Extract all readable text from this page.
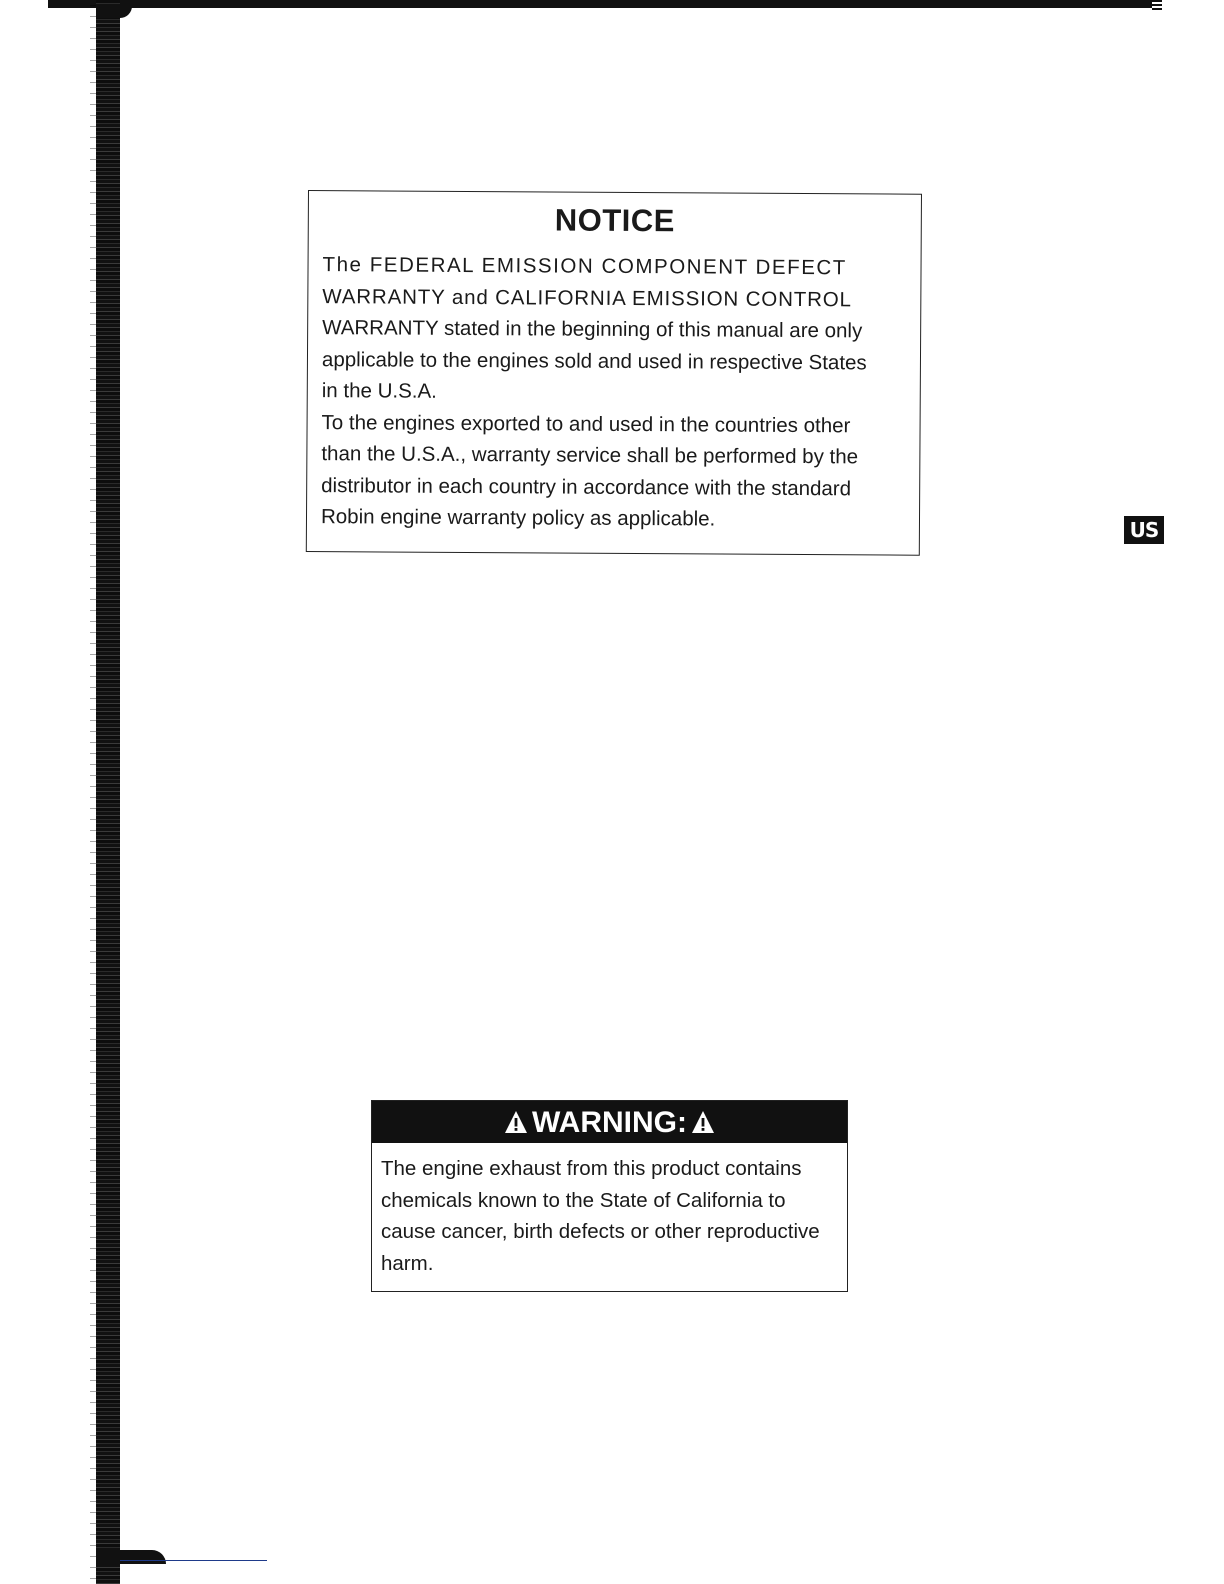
NOTICE
The FEDERAL EMISSION COMPONENT DEFECT
WARRANTY and CALIFORNIA EMISSION CONTROL
WARRANTY stated in the beginning of this manual are only
applicable to the engines sold and used in respective States
in the U.S.A.
To the engines exported to and used in the countries other
than the U.S.A., warranty service shall be performed by the
distributor in each country in accordance with the standard
Robin engine warranty policy as applicable.	US
WARNING:
The engine exhaust from this product contains
chemicals known to the State of California to
cause cancer, birth defects or other reproductive
harm.
